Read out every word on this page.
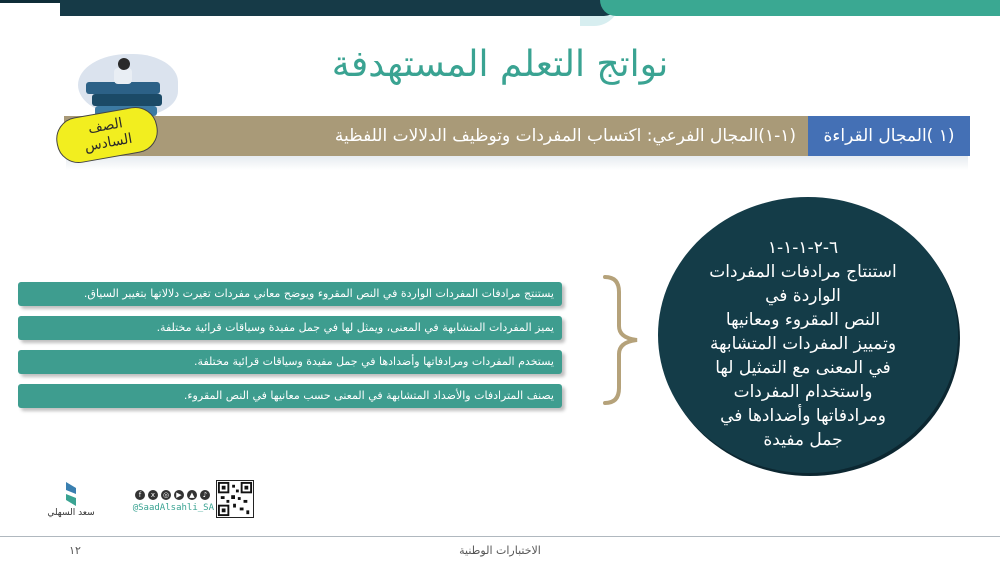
نواتج التعلم المستهدفة
(١ )المجال القراءة
(١-١)المجال الفرعي: اكتساب المفردات وتوظيف الدلالات اللفظية
الصف
السادس
٦-٢-١-١-١
استنتاج مرادفات المفردات
الواردة في
النص المقروء ومعانيها
وتمييز المفردات المتشابهة
في المعنى مع التمثيل لها
واستخدام المفردات
ومرادفاتها وأضدادها في
جمل مفيدة
يستنتج مرادفات المفردات الواردة في النص المقروء ويوضح معاني مفردات تغيرت دلالاتها بتغيير السياق.
يميز المفردات المتشابهة في المعنى، ويمثل لها في جمل مفيدة وسياقات قرائية مختلفة.
يستخدم المفردات ومرادفاتها وأضدادها في جمل مفيدة وسياقات قرائية مختلفة.
يصنف المترادفات والأضداد المتشابهة في المعنى حسب معانيها في النص المقروء.
سعد السهلي
f	x	◎	▶	▲	♪
@SaadAlsahli_SA
الاختبارات الوطنية
١٢
